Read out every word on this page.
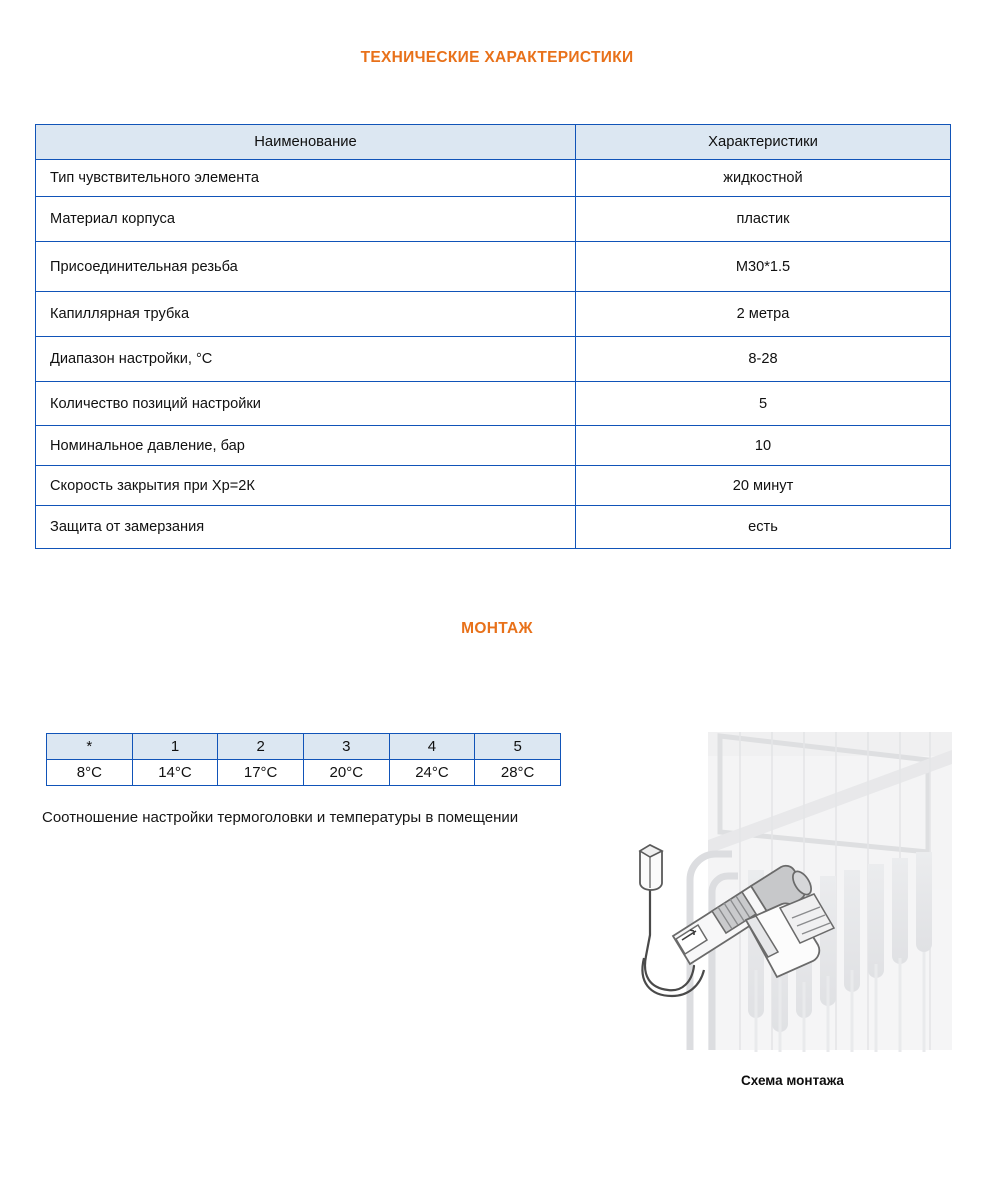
ТЕХНИЧЕСКИЕ ХАРАКТЕРИСТИКИ
МОНТАЖ
Наименование	Характеристики
Тип чувствительного элемента	жидкостной
Материал корпуса	пластик
Присоединительная резьба	M30*1.5
Капиллярная трубка	2 метра
Диапазон настройки, °С	8-28
Количество позиций настройки	5
Номинальное давление, бар	10
Скорость закрытия при Хр=2К	20 минут
Защита от замерзания	есть
*	1	2	3	4	5
8°C	14°C	17°C	20°C	24°C	28°C
Соотношение настройки термоголовки и температуры в помещении
Схема монтажа
